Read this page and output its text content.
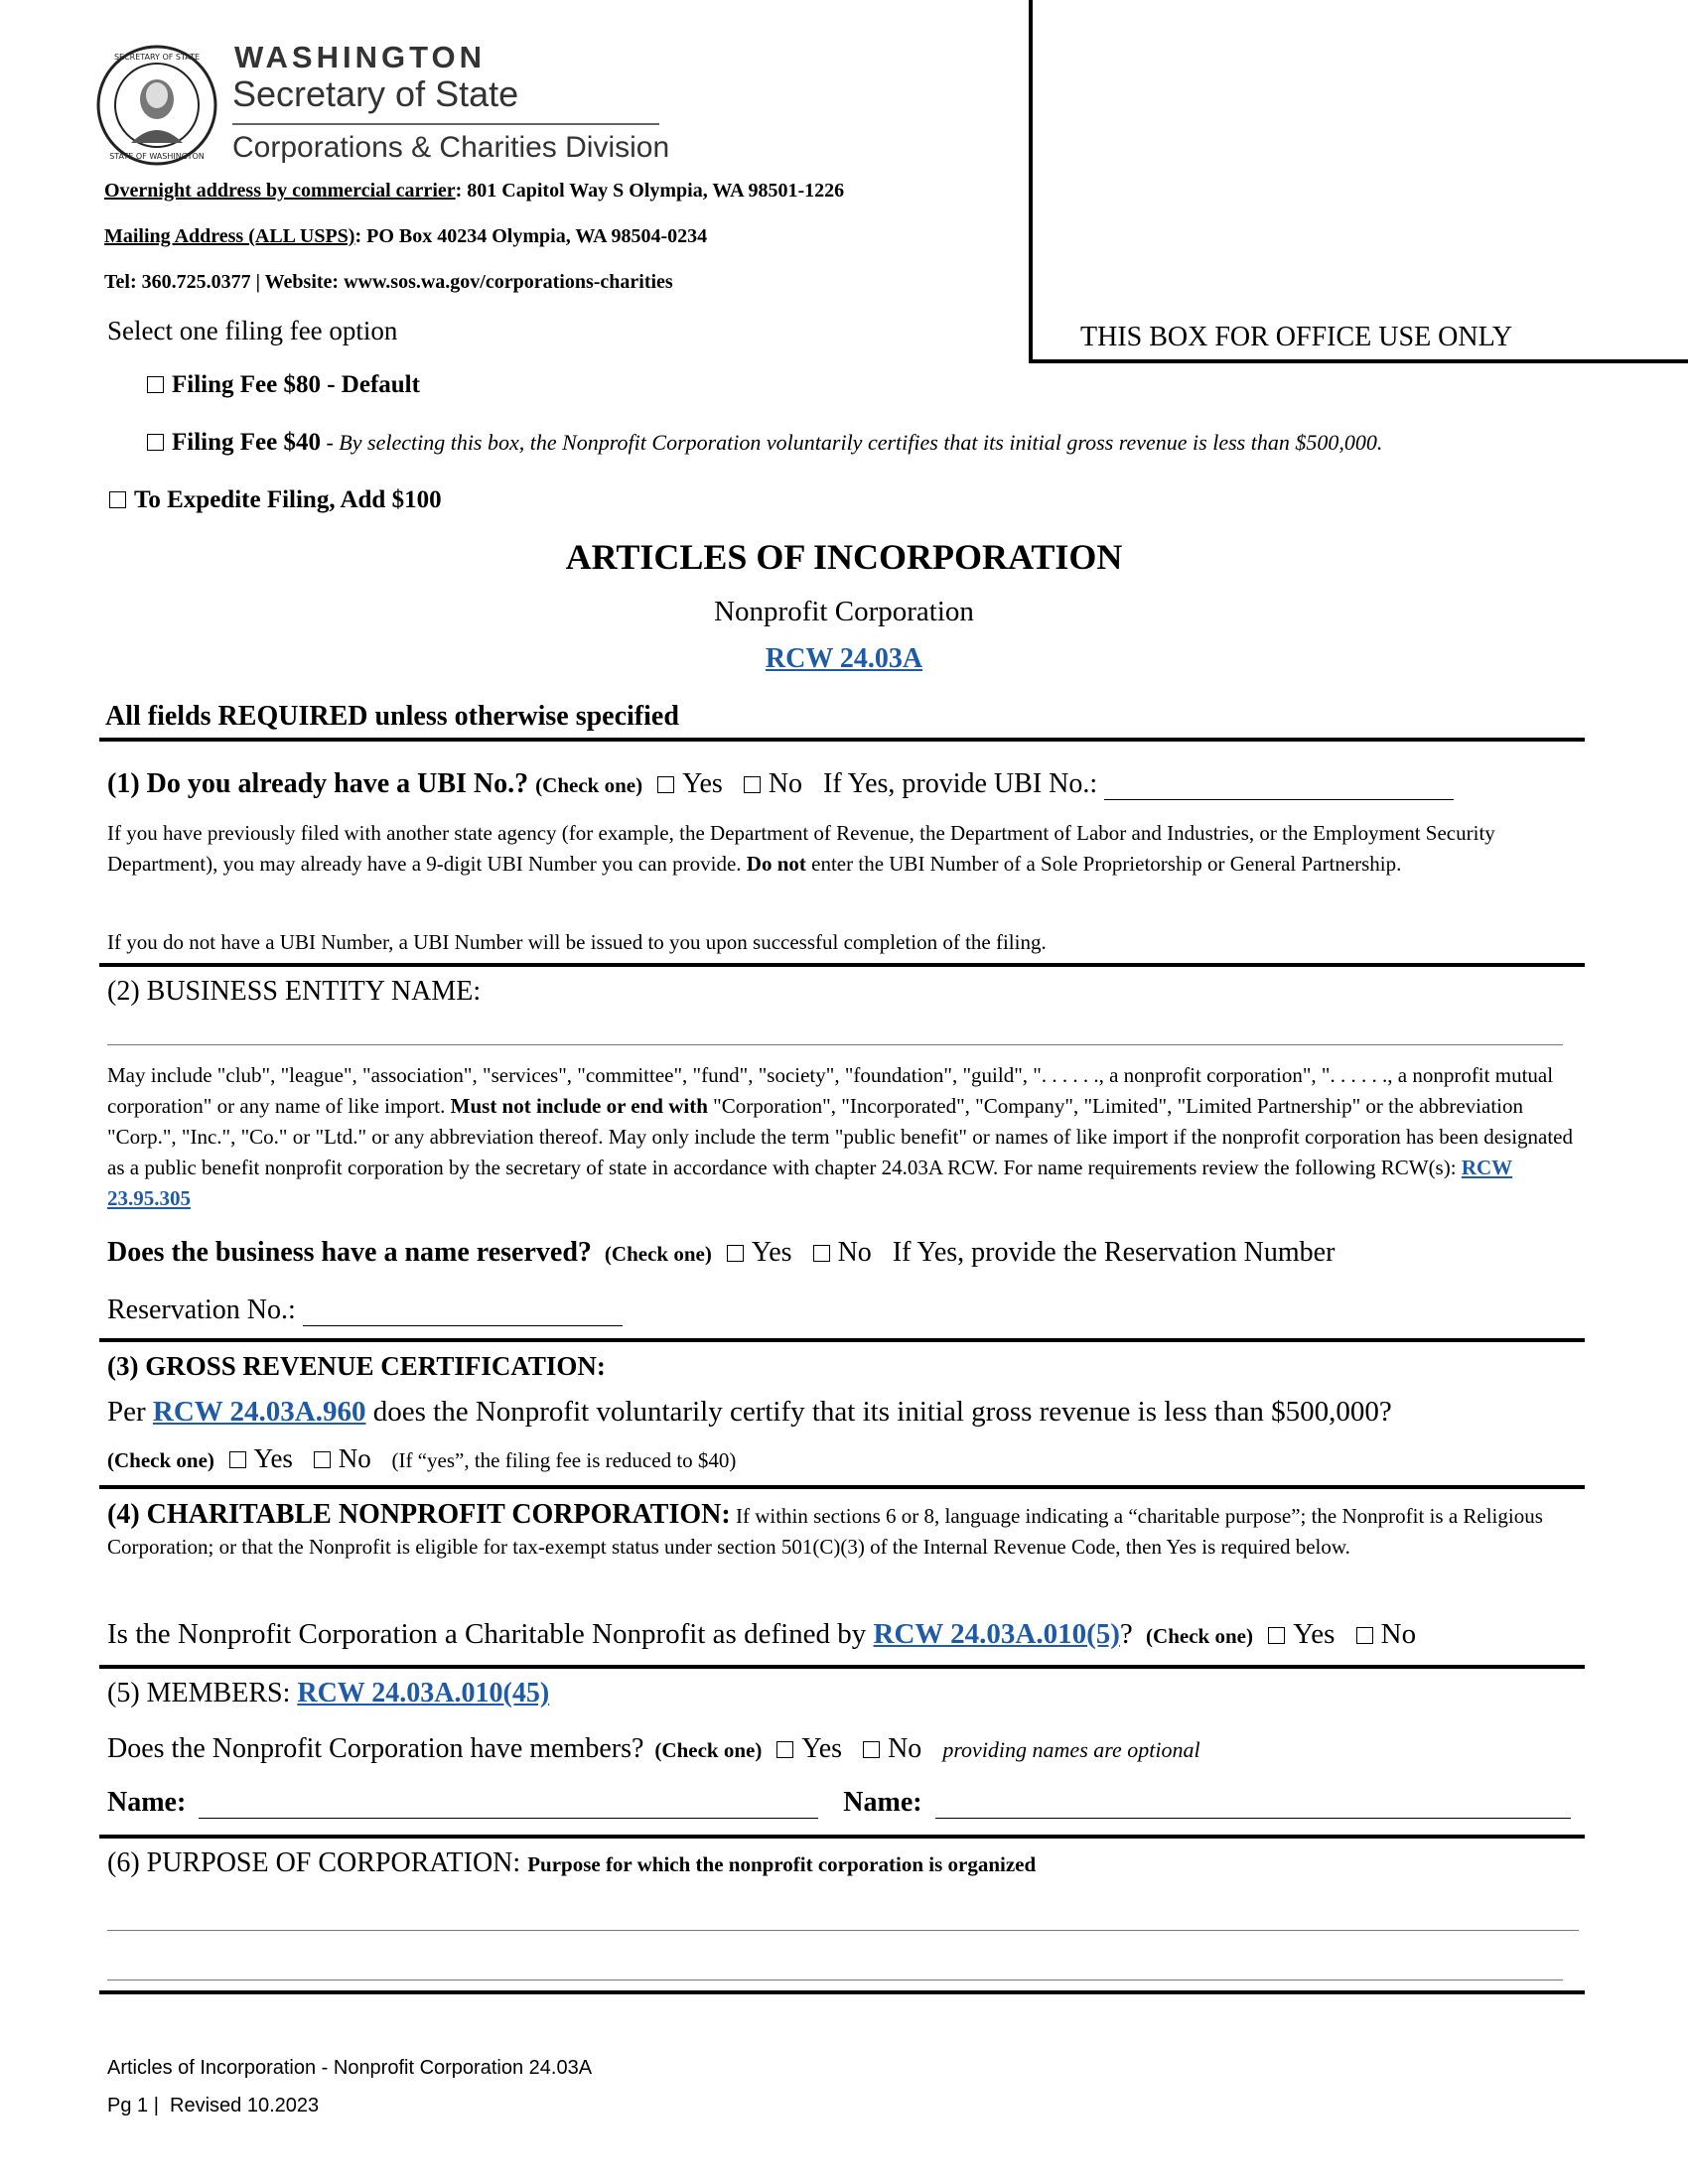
SECRETARY OF STATE
STATE OF WASHINGTON
WASHINGTON
Secretary of State
Corporations & Charities Division
Overnight address by commercial carrier: 801 Capitol Way S Olympia, WA 98501-1226
Mailing Address (ALL USPS): PO Box 40234 Olympia, WA 98504-0234
Tel: 360.725.0377 | Website: www.sos.wa.gov/corporations-charities
THIS BOX FOR OFFICE USE ONLY
Select one filing fee option
Filing Fee $80 - Default
Filing Fee $40 - By selecting this box, the Nonprofit Corporation voluntarily certifies that its initial gross revenue is less than $500,000.
To Expedite Filing, Add $100
ARTICLES OF INCORPORATION
Nonprofit Corporation
RCW 24.03A
All fields REQUIRED unless otherwise specified
(1) Do you already have a UBI No.? (Check one) Yes No If Yes, provide UBI No.:
If you have previously filed with another state agency (for example, the Department of Revenue, the Department of Labor and Industries, or the Employment Security Department), you may already have a 9-digit UBI Number you can provide. Do not enter the UBI Number of a Sole Proprietorship or General Partnership.
If you do not have a UBI Number, a UBI Number will be issued to you upon successful completion of the filing.
(2) BUSINESS ENTITY NAME:
May include "club", "league", "association", "services", "committee", "fund", "society", "foundation", "guild", ". . . . . ., a nonprofit corporation", ". . . . . ., a nonprofit mutual corporation" or any name of like import. Must not include or end with "Corporation", "Incorporated", "Company", "Limited", "Limited Partnership" or the abbreviation "Corp.", "Inc.", "Co." or "Ltd." or any abbreviation thereof. May only include the term "public benefit" or names of like import if the nonprofit corporation has been designated as a public benefit nonprofit corporation by the secretary of state in accordance with chapter 24.03A RCW. For name requirements review the following RCW(s): RCW 23.95.305
Does the business have a name reserved? (Check one) Yes No If Yes, provide the Reservation Number
Reservation No.:
(3) GROSS REVENUE CERTIFICATION:
Per RCW 24.03A.960 does the Nonprofit voluntarily certify that its initial gross revenue is less than $500,000?
(Check one) Yes No (If “yes”, the filing fee is reduced to $40)
(4) CHARITABLE NONPROFIT CORPORATION: If within sections 6 or 8, language indicating a “charitable purpose”; the Nonprofit is a Religious Corporation; or that the Nonprofit is eligible for tax-exempt status under section 501(C)(3) of the Internal Revenue Code, then Yes is required below.
Is the Nonprofit Corporation a Charitable Nonprofit as defined by RCW 24.03A.010(5)? (Check one) Yes No
(5) MEMBERS: RCW 24.03A.010(45)
Does the Nonprofit Corporation have members? (Check one) Yes No providing names are optional
Name:	Name:
(6) PURPOSE OF CORPORATION: Purpose for which the nonprofit corporation is organized
Articles of Incorporation - Nonprofit Corporation 24.03A
Pg 1 |  Revised 10.2023
